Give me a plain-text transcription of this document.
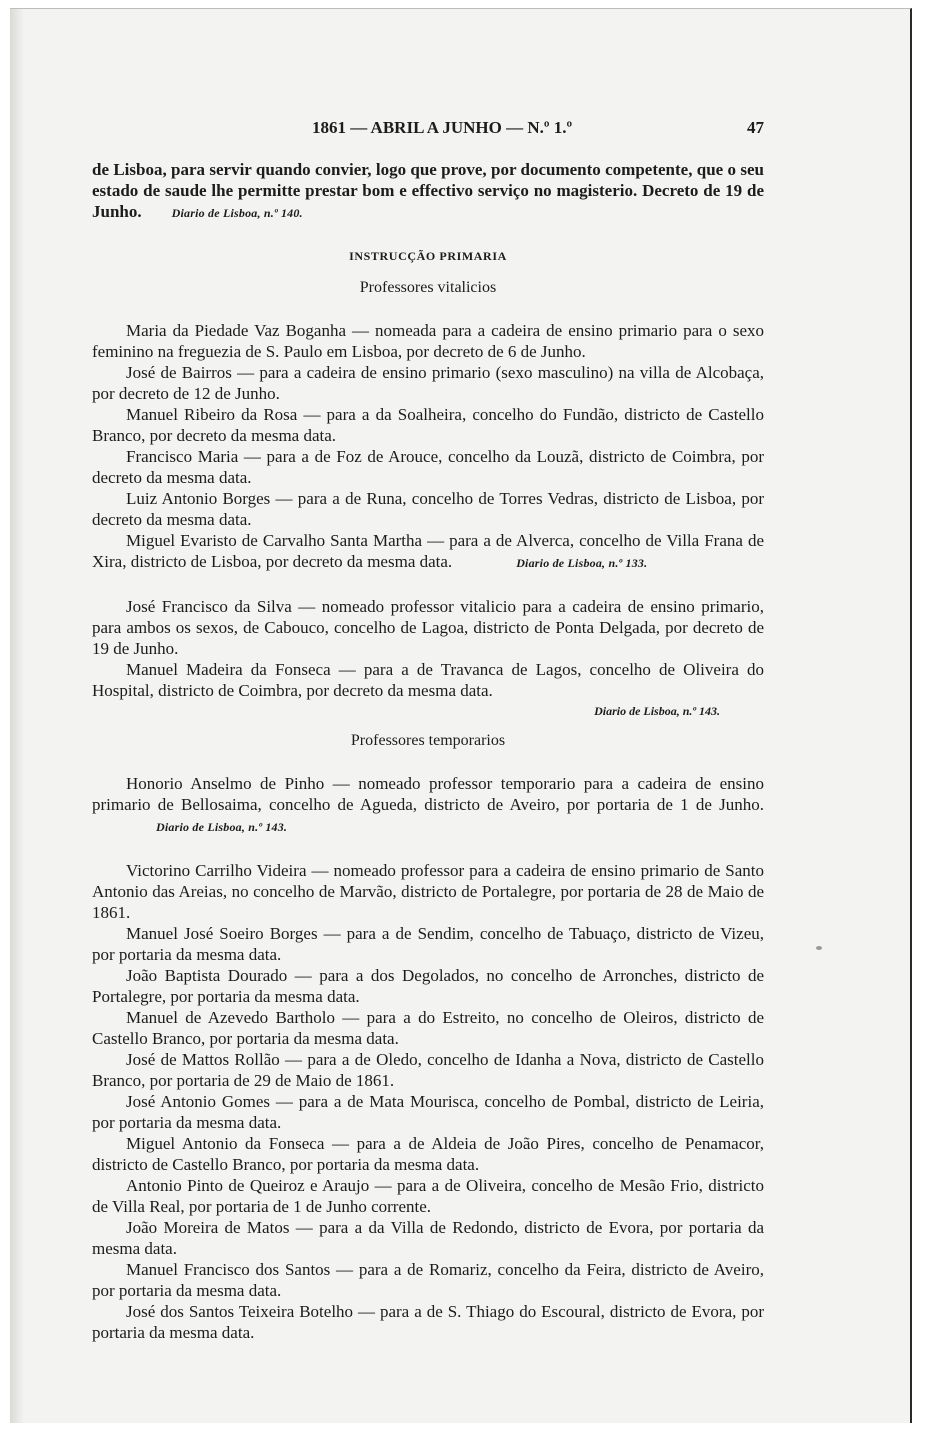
1861 — ABRIL A JUNHO — N.º 1.º	47

de Lisboa, para servir quando convier, logo que prove, por documento competente, que o seu estado de saude lhe permitte prestar bom e effectivo serviço no magisterio. Decreto de 19 de Junho.	Diario de Lisboa, n.º 140.

INSTRUCÇÃO PRIMARIA
Professores vitalicios

Maria da Piedade Vaz Boganha — nomeada para a cadeira de ensino primario para o sexo feminino na freguezia de S. Paulo em Lisboa, por decreto de 6 de Junho.

José de Bairros — para a cadeira de ensino primario (sexo masculino) na villa de Alcobaça, por decreto de 12 de Junho.

Manuel Ribeiro da Rosa — para a da Soalheira, concelho do Fundão, districto de Castello Branco, por decreto da mesma data.

Francisco Maria — para a de Foz de Arouce, concelho da Louzã, districto de Coimbra, por decreto da mesma data.

Luiz Antonio Borges — para a de Runa, concelho de Torres Vedras, districto de Lisboa, por decreto da mesma data.

Miguel Evaristo de Carvalho Santa Martha — para a de Alverca, concelho de Villa Frana de Xira, districto de Lisboa, por decreto da mesma data.	Diario de Lisboa, n.º 133.

José Francisco da Silva — nomeado professor vitalicio para a cadeira de ensino primario, para ambos os sexos, de Cabouco, concelho de Lagoa, districto de Ponta Delgada, por decreto de 19 de Junho.

Manuel Madeira da Fonseca — para a de Travanca de Lagos, concelho de Oliveira do Hospital, districto de Coimbra, por decreto da mesma data.

Diario de Lisboa, n.º 143.
Professores temporarios

Honorio Anselmo de Pinho — nomeado professor temporario para a cadeira de ensino primario de Bellosaima, concelho de Agueda, districto de Aveiro, por portaria de 1 de Junho.Diario de Lisboa, n.º 143.

Victorino Carrilho Videira — nomeado professor para a cadeira de ensino primario de Santo Antonio das Areias, no concelho de Marvão, districto de Portalegre, por portaria de 28 de Maio de 1861.

Manuel José Soeiro Borges — para a de Sendim, concelho de Tabuaço, districto de Vizeu, por portaria da mesma data.

João Baptista Dourado — para a dos Degolados, no concelho de Arronches, districto de Portalegre, por portaria da mesma data.

Manuel de Azevedo Bartholo — para a do Estreito, no concelho de Oleiros, districto de Castello Branco, por portaria da mesma data.

José de Mattos Rollão — para a de Oledo, concelho de Idanha a Nova, districto de Castello Branco, por portaria de 29 de Maio de 1861.

José Antonio Gomes — para a de Mata Mourisca, concelho de Pombal, districto de Leiria, por portaria da mesma data.

Miguel Antonio da Fonseca — para a de Aldeia de João Pires, concelho de Penamacor, districto de Castello Branco, por portaria da mesma data.

Antonio Pinto de Queiroz e Araujo — para a de Oliveira, concelho de Mesão Frio, districto de Villa Real, por portaria de 1 de Junho corrente.

João Moreira de Matos — para a da Villa de Redondo, districto de Evora, por portaria da mesma data.

Manuel Francisco dos Santos — para a de Romariz, concelho da Feira, districto de Aveiro, por portaria da mesma data.

José dos Santos Teixeira Botelho — para a de S. Thiago do Escoural, districto de Evora, por portaria da mesma data.
